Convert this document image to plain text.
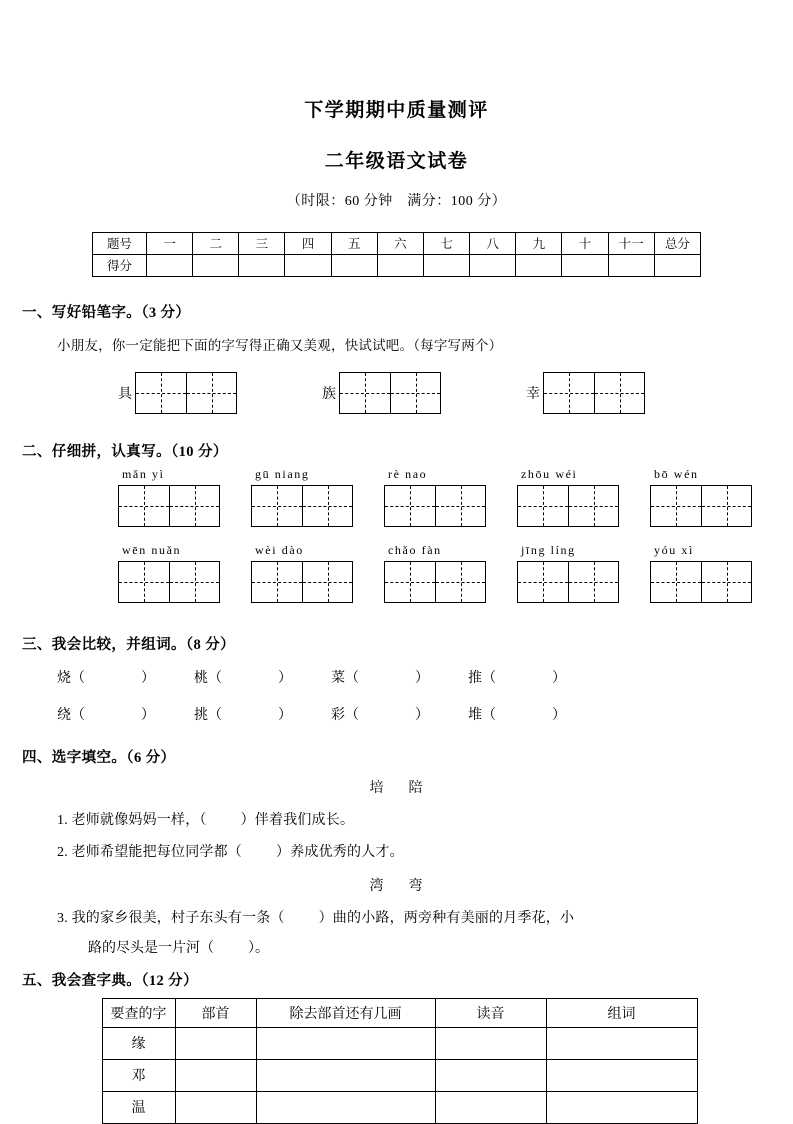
下学期期中质量测评
二年级语文试卷
（时限：60 分钟　满分：100 分）
题号	一	二	三	四	五	六	七	八	九	十	十一	总分
得分												
一、写好铅笔字。（3 分）
小朋友，你一定能把下面的字写得正确又美观，快试试吧。（每字写两个）
具	族	幸
二、仔细拼，认真写。（10 分）
mǎn yì	gū niang	rè nao	zhōu wéi	bō wén
wēn nuǎn	wèi dào	chǎo fàn	jīng líng	yóu xì
三、我会比较，并组词。（8 分）
烧（	）	桃（	）	菜（	）	推（	）
绕（	）	挑（	）	彩（	）	堆（	）
四、选字填空。（6 分）
培 陪
1. 老师就像妈妈一样，（ ）伴着我们成长。
2. 老师希望能把每位同学都（ ）养成优秀的人才。
湾 弯
3. 我的家乡很美，村子东头有一条（ ）曲的小路，两旁种有美丽的月季花，小
路的尽头是一片河（ ）。
五、我会查字典。（12 分）
要查的字	部首	除去部首还有几画	读音	组词
缘				
邓				
温				
